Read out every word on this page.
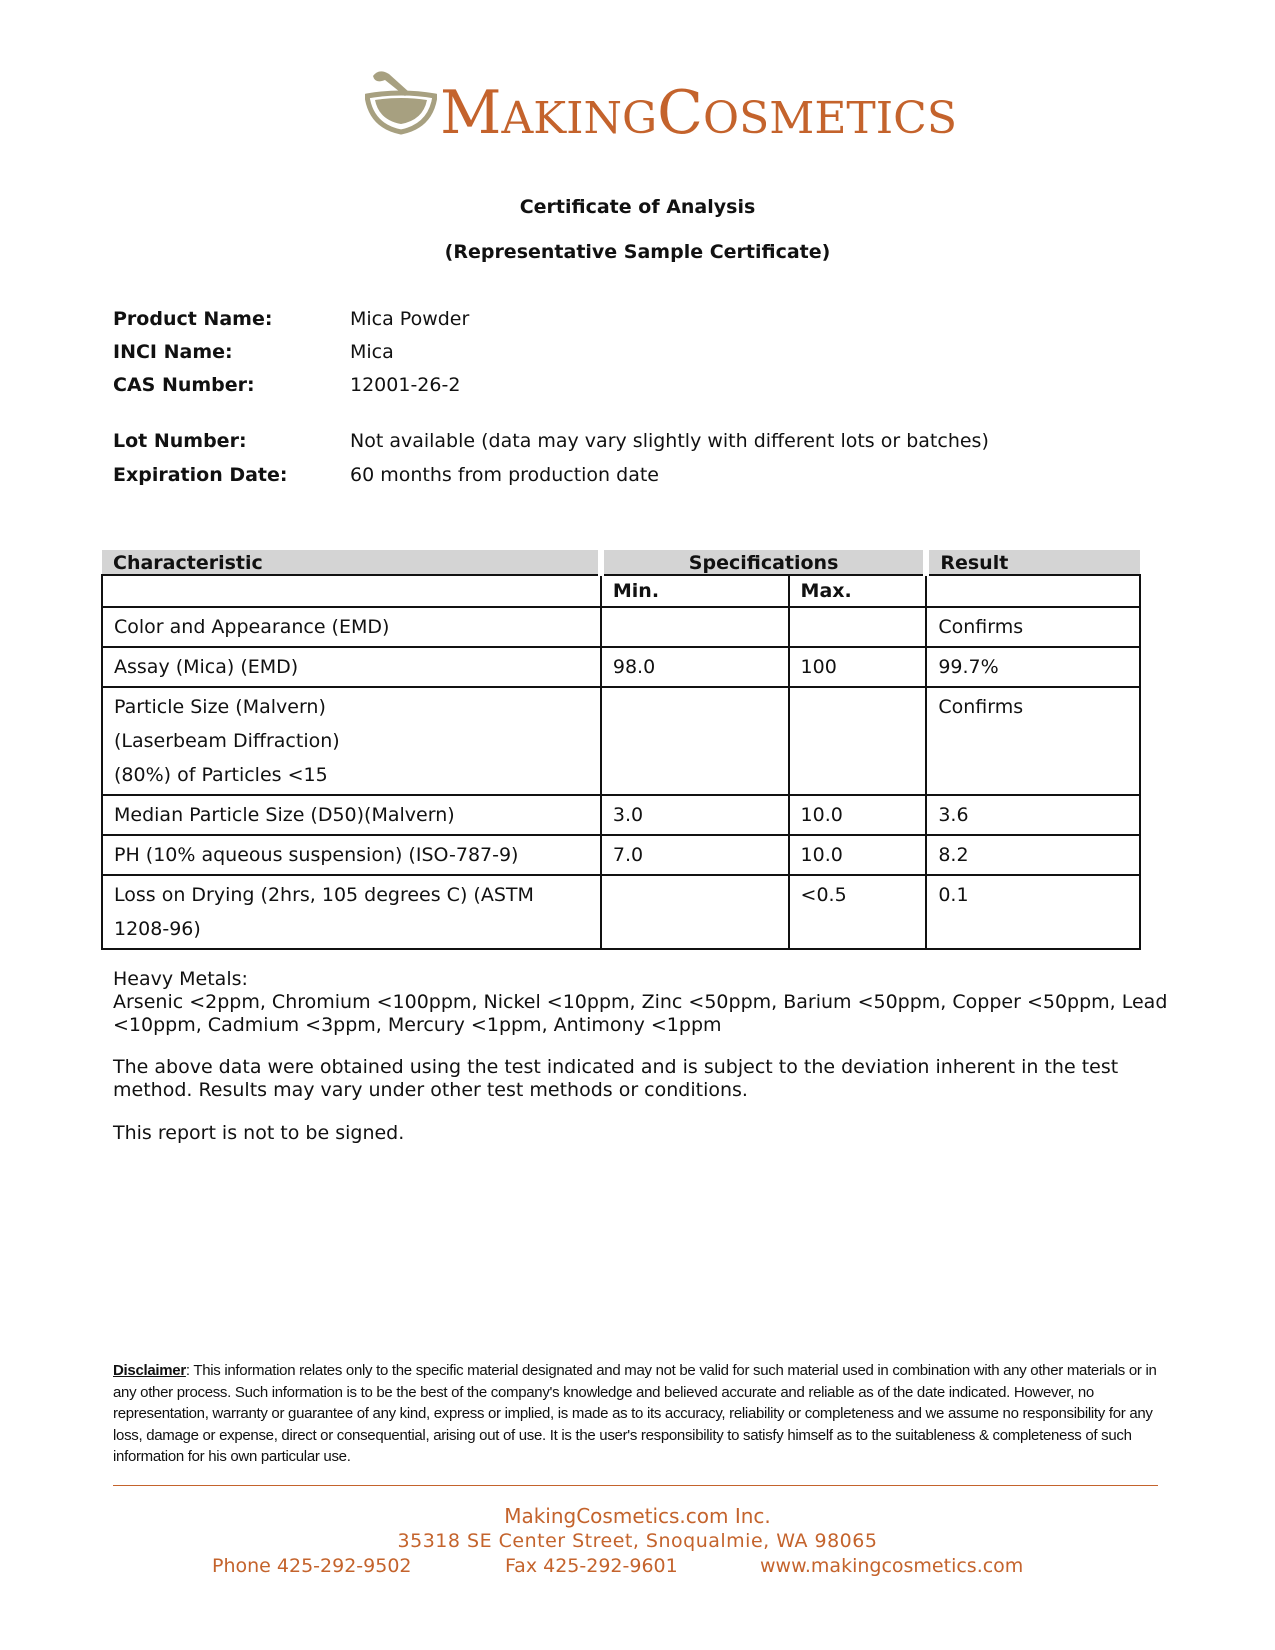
MAKINGCOSMETICS
Certificate of Analysis
(Representative Sample Certificate)
Product Name:	Mica Powder
INCI Name:	Mica
CAS Number:	12001-26-2
Lot Number:	Not available (data may vary slightly with different lots or batches)
Expiration Date:	60 months from production date
Characteristic	Specifications		Result
	Min.	Max.	

Color and Appearance (EMD)			Confirms

Assay (Mica) (EMD)	98.0	100	99.7%

Particle Size (Malvern)
(Laserbeam Diffraction)
(80%) of Particles <15			Confirms

Median Particle Size (D50)(Malvern)	3.0	10.0	3.6

PH (10% aqueous suspension) (ISO-787-9)	7.0	10.0	8.2

Loss on Drying (2hrs, 105 degrees C) (ASTM
1208-96)		<0.5	0.1
Heavy Metals:
Arsenic <2ppm, Chromium <100ppm, Nickel <10ppm, Zinc <50ppm, Barium <50ppm, Copper <50ppm, Lead
<10ppm, Cadmium <3ppm, Mercury <1ppm, Antimony <1ppm
The above data were obtained using the test indicated and is subject to the deviation inherent in the test
method. Results may vary under other test methods or conditions.
This report is not to be signed.
Disclaimer: This information relates only to the specific material designated and may not be valid for such material used in combination with any other materials or in any other process. Such information is to be the best of the company's knowledge and believed accurate and reliable as of the date indicated. However, no representation, warranty or guarantee of any kind, express or implied, is made as to its accuracy, reliability or completeness and we assume no responsibility for any loss, damage or expense, direct or consequential, arising out of use. It is the user's responsibility to satisfy himself as to the suitableness & completeness of such information for his own particular use.
MakingCosmetics.com Inc.
35318 SE Center Street, Snoqualmie, WA 98065
Phone 425-292-9502	Fax 425-292-9601	www.makingcosmetics.com
